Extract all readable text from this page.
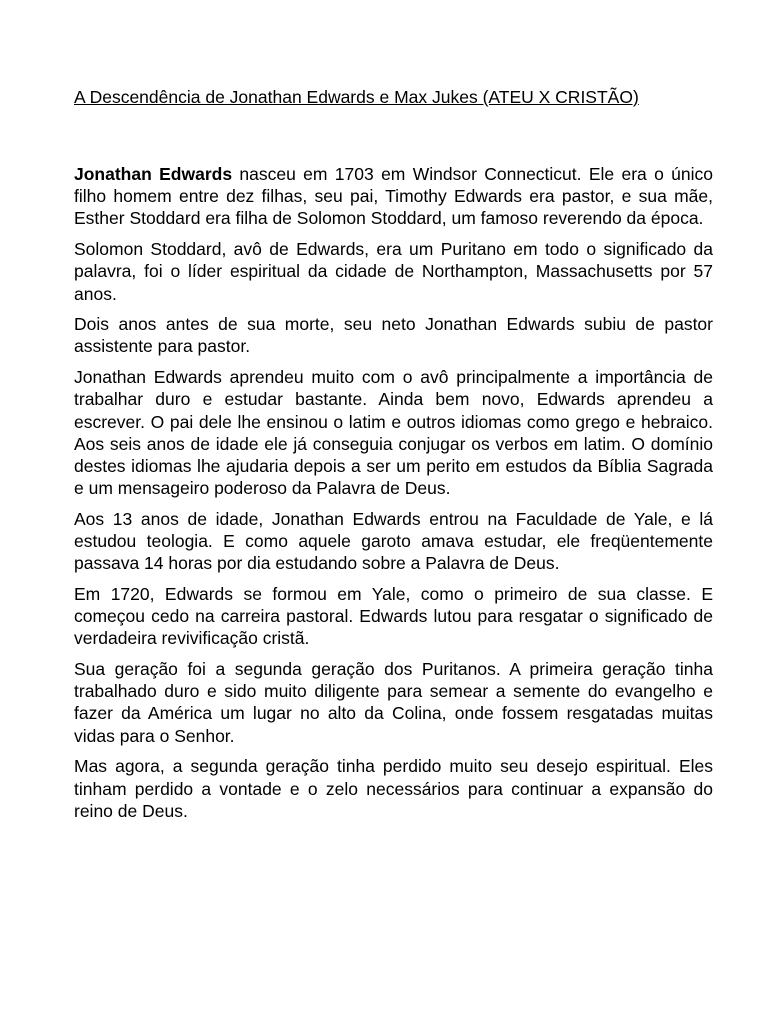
A Descendência de Jonathan Edwards e Max Jukes (ATEU X CRISTÃO)

Jonathan Edwards nasceu em 1703 em Windsor Connecticut. Ele era o único filho homem entre dez filhas, seu pai, Timothy Edwards era pastor, e sua mãe, Esther Stoddard era filha de Solomon Stoddard, um famoso reverendo da época.

Solomon Stoddard, avô de Edwards, era um Puritano em todo o significado da palavra, foi o líder espiritual da cidade de Northampton, Massachusetts por 57 anos.

Dois anos antes de sua morte, seu neto Jonathan Edwards subiu de pastor assistente para pastor.

Jonathan Edwards aprendeu muito com o avô principalmente a importância de trabalhar duro e estudar bastante. Ainda bem novo, Edwards aprendeu a escrever. O pai dele lhe ensinou o latim e outros idiomas como grego e hebraico. Aos seis anos de idade ele já conseguia conjugar os verbos em latim. O domínio destes idiomas lhe ajudaria depois a ser um perito em estudos da Bíblia Sagrada e um mensageiro poderoso da Palavra de Deus.

Aos 13 anos de idade, Jonathan Edwards entrou na Faculdade de Yale, e lá estudou teologia. E como aquele garoto amava estudar, ele freqüentemente passava 14 horas por dia estudando sobre a Palavra de Deus.

Em 1720, Edwards se formou em Yale, como o primeiro de sua classe. E começou cedo na carreira pastoral. Edwards lutou para resgatar o significado de verdadeira revivificação cristã.

Sua geração foi a segunda geração dos Puritanos. A primeira geração tinha trabalhado duro e sido muito diligente para semear a semente do evangelho e fazer da América um lugar no alto da Colina, onde fossem resgatadas muitas vidas para o Senhor.

Mas agora, a segunda geração tinha perdido muito seu desejo espiritual. Eles tinham perdido a vontade e o zelo necessários para continuar a expansão do reino de Deus.
